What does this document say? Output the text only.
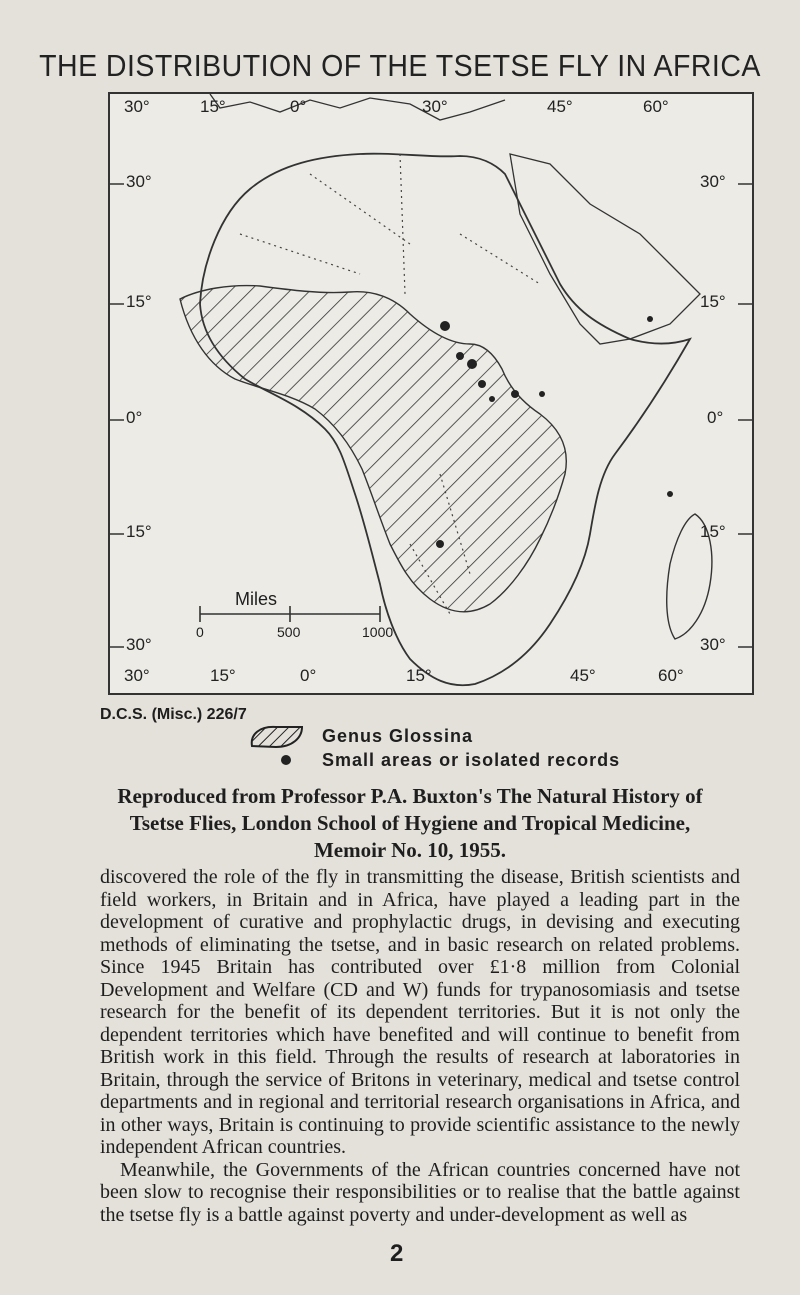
THE DISTRIBUTION OF THE TSETSE FLY IN AFRICA
30°	15°	0°	30°	45°	60°
30°
15°
0°
15°
30°
30°
15°
0°
15°
30°
30°	15°	0°	15°	45°	60°
Miles
0	500	1000
D.C.S. (Misc.) 226/7
Genus Glossina
Small areas or isolated records
Reproduced from Professor P.A. Buxton's The Natural History of Tsetse Flies, London School of Hygiene and Tropical Medicine, Memoir No. 10, 1955.

discovered the role of the fly in transmitting the disease, British scientists and field workers, in Britain and in Africa, have played a leading part in the development of curative and prophylactic drugs, in devising and executing methods of eliminating the tsetse, and in basic research on related problems. Since 1945 Britain has contributed over £1·8 million from Colonial Development and Welfare (CD and W) funds for trypanosomiasis and tsetse research for the benefit of its dependent territories. But it is not only the dependent territories which have benefited and will continue to benefit from British work in this field. Through the results of research at laboratories in Britain, through the service of Britons in veterinary, medical and tsetse control departments and in regional and territorial research organisations in Africa, and in other ways, Britain is continuing to provide scientific assistance to the newly independent African countries.

Meanwhile, the Governments of the African countries concerned have not been slow to recognise their responsibilities or to realise that the battle against the tsetse fly is a battle against poverty and under-development as well as

2
